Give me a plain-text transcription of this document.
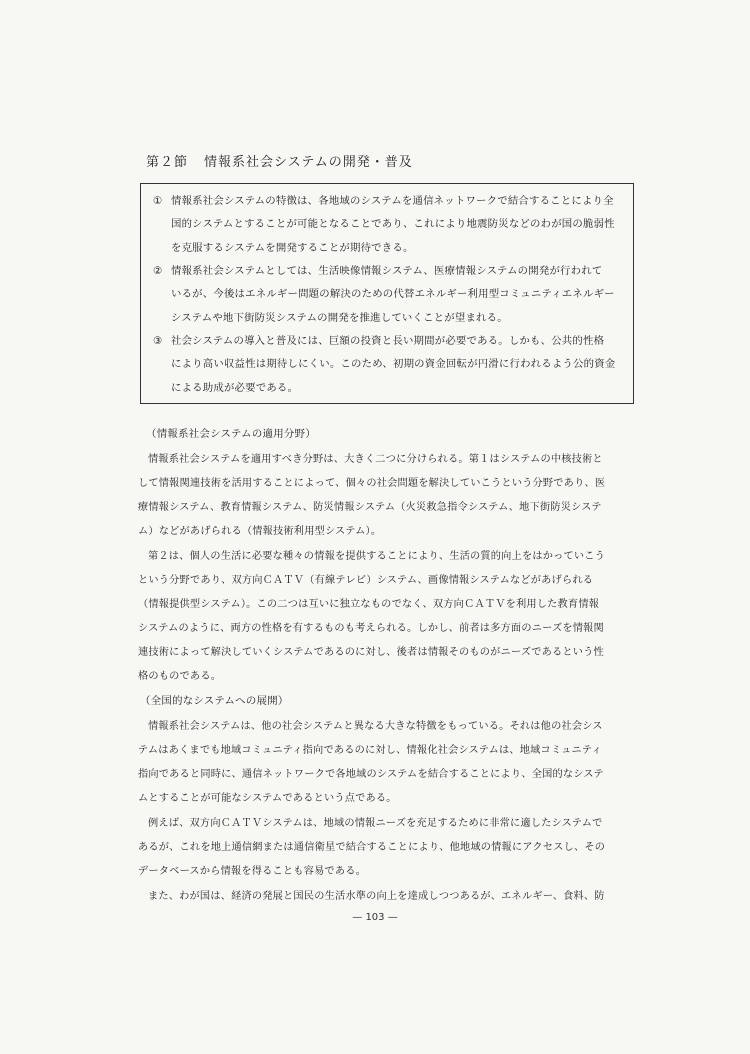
第２節 情報系社会システムの開発・普及
① 情報系社会システムの特徴は、各地域のシステムを通信ネットワークで結合することにより全
国的システムとすることが可能となることであり、これにより地震防災などのわが国の脆弱性
を克服するシステムを開発することが期待できる。
② 情報系社会システムとしては、生活映像情報システム、医療情報システムの開発が行われて
いるが、今後はエネルギー問題の解決のための代替エネルギー利用型コミュニティエネルギー
システムや地下街防災システムの開発を推進していくことが望まれる。
③ 社会システムの導入と普及には、巨額の投資と長い期間が必要である。しかも、公共的性格
により高い収益性は期待しにくい。このため、初期の資金回転が円滑に行われるよう公的資金
による助成が必要である。
（情報系社会システムの適用分野）
情報系社会システムを適用すべき分野は、大きく二つに分けられる。第１はシステムの中核技術と
して情報関連技術を活用することによって、個々の社会問題を解決していこうという分野であり、医
療情報システム、教育情報システム、防災情報システム（火災救急指令システム、地下街防災システ
ム）などがあげられる（情報技術利用型システム）。
第２は、個人の生活に必要な種々の情報を提供することにより、生活の質的向上をはかっていこう
という分野であり、双方向ＣＡＴＶ（有線テレビ）システム、画像情報システムなどがあげられる
（情報提供型システム）。この二つは互いに独立なものでなく、双方向ＣＡＴＶを利用した教育情報
システムのように、両方の性格を有するものも考えられる。しかし、前者は多方面のニーズを情報関
連技術によって解決していくシステムであるのに対し、後者は情報そのものがニーズであるという性
格のものである。
（全国的なシステムへの展開）
情報系社会システムは、他の社会システムと異なる大きな特徴をもっている。それは他の社会シス
テムはあくまでも地域コミュニティ指向であるのに対し、情報化社会システムは、地域コミュニティ
指向であると同時に、通信ネットワークで各地域のシステムを結合することにより、全国的なシステ
ムとすることが可能なシステムであるという点である。
例えば、双方向ＣＡＴＶシステムは、地域の情報ニーズを充足するために非常に適したシステムで
あるが、これを地上通信網または通信衛星で結合することにより、他地域の情報にアクセスし、その
データベースから情報を得ることも容易である。
また、わが国は、経済の発展と国民の生活水準の向上を達成しつつあるが、エネルギー、食料、防
— 103 —
